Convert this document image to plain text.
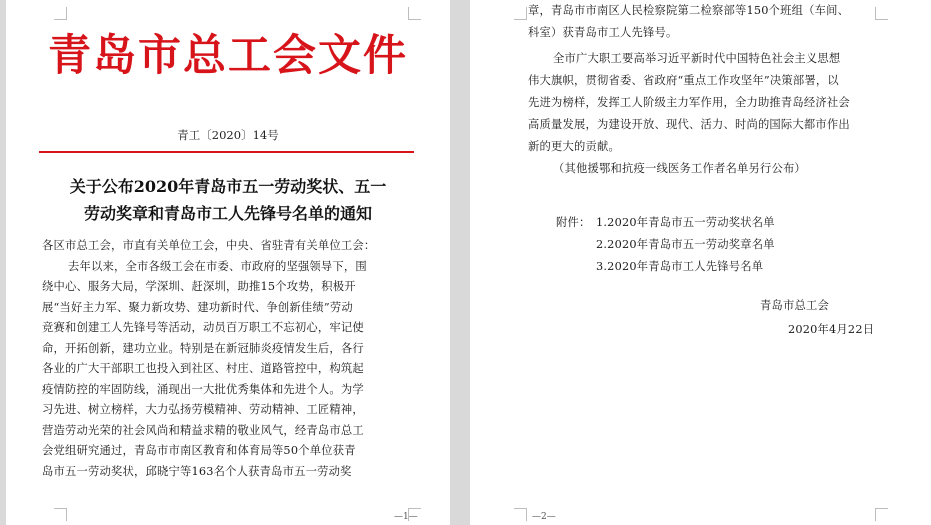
青岛市总工会文件
青工〔2020〕14号
关于公布2020年青岛市五一劳动奖状、五一
劳动奖章和青岛市工人先锋号名单的通知
各区市总工会，市直有关单位工会，中央、省驻青有关单位工会：
去年以来，全市各级工会在市委、市政府的坚强领导下，围
绕中心、服务大局，学深圳、赶深圳，助推15个攻势，积极开
展“当好主力军、聚力新攻势、建功新时代、争创新佳绩”劳动
竞赛和创建工人先锋号等活动，动员百万职工不忘初心，牢记使
命，开拓创新，建功立业。特别是在新冠肺炎疫情发生后，各行
各业的广大干部职工也投入到社区、村庄、道路管控中，构筑起
疫情防控的牢固防线，涌现出一大批优秀集体和先进个人。为学
习先进、树立榜样，大力弘扬劳模精神、劳动精神、工匠精神，
营造劳动光荣的社会风尚和精益求精的敬业风气，经青岛市总工
会党组研究通过，青岛市市南区教育和体育局等50个单位获青
岛市五一劳动奖状，邱晓宁等163名个人获青岛市五一劳动奖
—1—
章，青岛市市南区人民检察院第二检察部等150个班组（车间、
科室）获青岛市工人先锋号。
全市广大职工要高举习近平新时代中国特色社会主义思想
伟大旗帜，贯彻省委、省政府“重点工作攻坚年”决策部署，以
先进为榜样，发挥工人阶级主力军作用，全力助推青岛经济社会
高质量发展，为建设开放、现代、活力、时尚的国际大都市作出
新的更大的贡献。
（其他援鄂和抗疫一线医务工作者名单另行公布）
附件： 1.2020年青岛市五一劳动奖状名单
2.2020年青岛市五一劳动奖章名单
3.2020年青岛市工人先锋号名单
青岛市总工会
2020年4月22日
—2—
